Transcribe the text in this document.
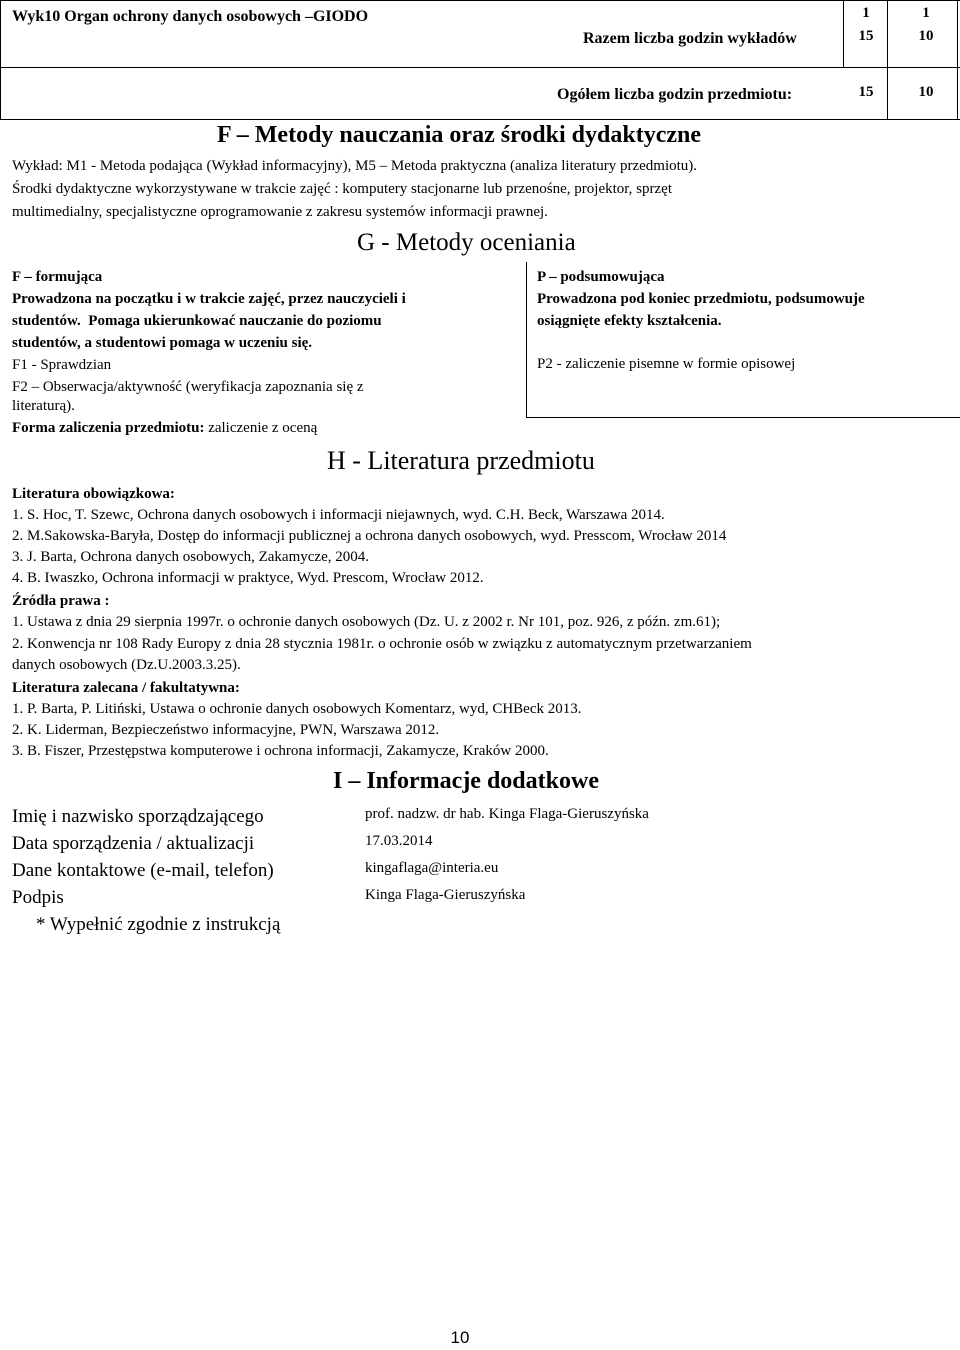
Wyk10 Organ ochrony danych osobowych –GIODO	1	1
Razem liczba godzin wykładów	15	10
Ogółem liczba godzin przedmiotu:	15	10
F – Metody nauczania oraz środki dydaktyczne
Wykład: M1 - Metoda podająca (Wykład informacyjny), M5 – Metoda praktyczna (analiza literatury przedmiotu).
Środki dydaktyczne wykorzystywane w trakcie zajęć : komputery stacjonarne lub przenośne, projektor, sprzęt
multimedialny, specjalistyczne oprogramowanie z zakresu systemów informacji prawnej.
G - Metody oceniania
F – formująca
Prowadzona na początku i w trakcie zajęć, przez nauczycieli i
studentów. Pomaga ukierunkować nauczanie do poziomu
studentów, a studentowi pomaga w uczeniu się.
F1 - Sprawdzian
F2 – Obserwacja/aktywność (weryfikacja zapoznania się z
literaturą).
Forma zaliczenia przedmiotu: zaliczenie z oceną
P – podsumowująca
Prowadzona pod koniec przedmiotu, podsumowuje
osiągnięte efekty kształcenia.
P2 - zaliczenie pisemne w formie opisowej
H - Literatura przedmiotu
Literatura obowiązkowa:
1. S. Hoc, T. Szewc, Ochrona danych osobowych i informacji niejawnych, wyd. C.H. Beck, Warszawa 2014.
2. M.Sakowska-Baryła, Dostęp do informacji publicznej a ochrona danych osobowych, wyd. Presscom, Wrocław 2014
3. J. Barta, Ochrona danych osobowych, Zakamycze, 2004.
4. B. Iwaszko, Ochrona informacji w praktyce, Wyd. Prescom, Wrocław 2012.
Źródła prawa :
1. Ustawa z dnia 29 sierpnia 1997r. o ochronie danych osobowych (Dz. U. z 2002 r. Nr 101, poz. 926, z późn. zm.61);
2. Konwencja nr 108 Rady Europy z dnia 28 stycznia 1981r. o ochronie osób w związku z automatycznym przetwarzaniem
danych osobowych (Dz.U.2003.3.25).
Literatura zalecana / fakultatywna:
1. P. Barta, P. Litiński, Ustawa o ochronie danych osobowych Komentarz, wyd, CHBeck 2013.
2. K. Liderman, Bezpieczeństwo informacyjne, PWN, Warszawa 2012.
3. B. Fiszer, Przestępstwa komputerowe i ochrona informacji, Zakamycze, Kraków 2000.
I – Informacje dodatkowe
Imię i nazwisko sporządzającego	prof. nadzw. dr hab. Kinga Flaga-Gieruszyńska
Data sporządzenia / aktualizacji	17.03.2014
Dane kontaktowe (e-mail, telefon)	kingaflaga@interia.eu
Podpis	Kinga Flaga-Gieruszyńska
* Wypełnić zgodnie z instrukcją
10
